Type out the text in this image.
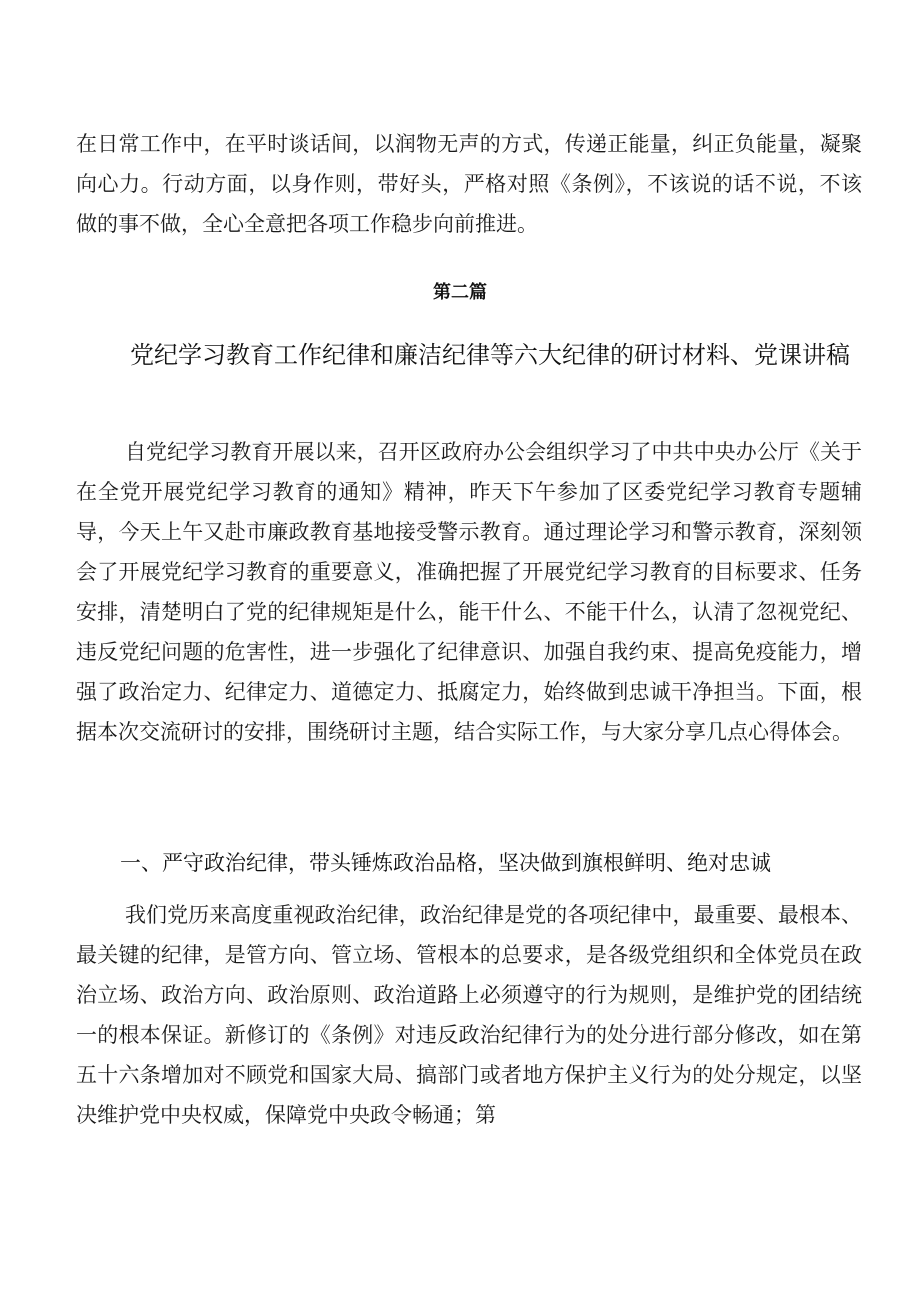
在日常工作中，在平时谈话间，以润物无声的方式，传递正能量，纠正负能量，凝聚向心力。行动方面，以身作则，带好头，严格对照《条例》，不该说的话不说，不该做的事不做，全心全意把各项工作稳步向前推进。

第二篇

党纪学习教育工作纪律和廉洁纪律等六大纪律的研讨材料、党课讲稿

自党纪学习教育开展以来，召开区政府办公会组织学习了中共中央办公厅《关于在全党开展党纪学习教育的通知》精神，昨天下午参加了区委党纪学习教育专题辅导，今天上午又赴市廉政教育基地接受警示教育。通过理论学习和警示教育，深刻领会了开展党纪学习教育的重要意义，准确把握了开展党纪学习教育的目标要求、任务安排，清楚明白了党的纪律规矩是什么，能干什么、不能干什么，认清了忽视党纪、违反党纪问题的危害性，进一步强化了纪律意识、加强自我约束、提高免疫能力，增强了政治定力、纪律定力、道德定力、抵腐定力，始终做到忠诚干净担当。下面，根据本次交流研讨的安排，围绕研讨主题，结合实际工作，与大家分享几点心得体会。

一、严守政治纪律，带头锤炼政治品格，坚决做到旗根鲜明、绝对忠诚

我们党历来高度重视政治纪律，政治纪律是党的各项纪律中，最重要、最根本、最关键的纪律，是管方向、管立场、管根本的总要求，是各级党组织和全体党员在政治立场、政治方向、政治原则、政治道路上必须遵守的行为规则，是维护党的团结统一的根本保证。新修订的《条例》对违反政治纪律行为的处分进行部分修改，如在第五十六条增加对不顾党和国家大局、搞部门或者地方保护主义行为的处分规定，以坚决维护党中央权威，保障党中央政令畅通；第
